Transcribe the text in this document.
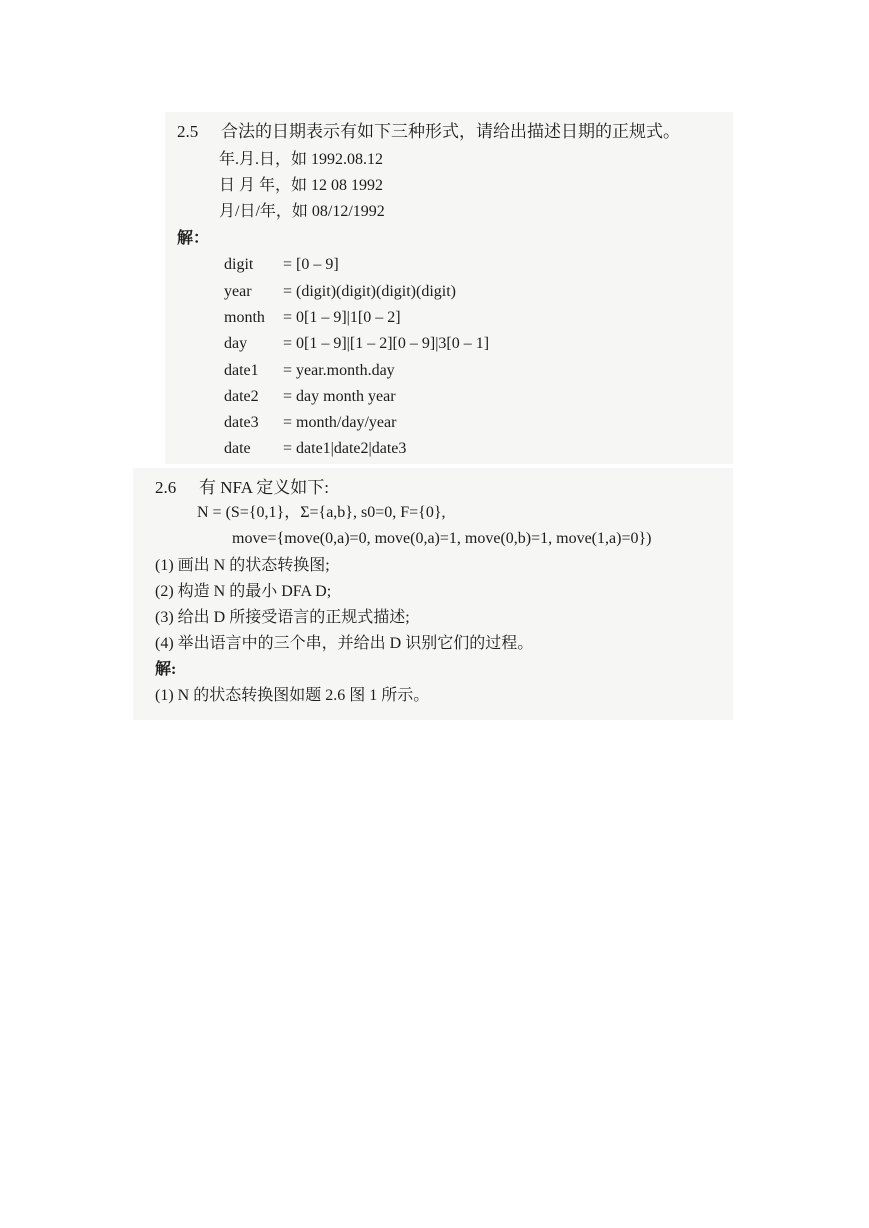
2.5 合法的日期表示有如下三种形式，请给出描述日期的正规式。
年.月.日，如 1992.08.12
日 月 年，如 12 08 1992
月/日/年，如 08/12/1992
解：
digit = [0 – 9]
year = (digit)(digit)(digit)(digit)
month = 0[1 – 9]|1[0 – 2]
day = 0[1 – 9]|[1 – 2][0 – 9]|3[0 – 1]
date1 = year.month.day
date2 = day month year
date3 = month/day/year
date = date1|date2|date3
2.6 有 NFA 定义如下:
N = (S={0,1}，Σ={a,b}, s0=0, F={0},
move={move(0,a)=0, move(0,a)=1, move(0,b)=1, move(1,a)=0})
(1) 画出 N 的状态转换图;
(2) 构造 N 的最小 DFA D;
(3) 给出 D 所接受语言的正规式描述;
(4) 举出语言中的三个串，并给出 D 识别它们的过程。
解:
(1) N 的状态转换图如题 2.6 图 1 所示。
